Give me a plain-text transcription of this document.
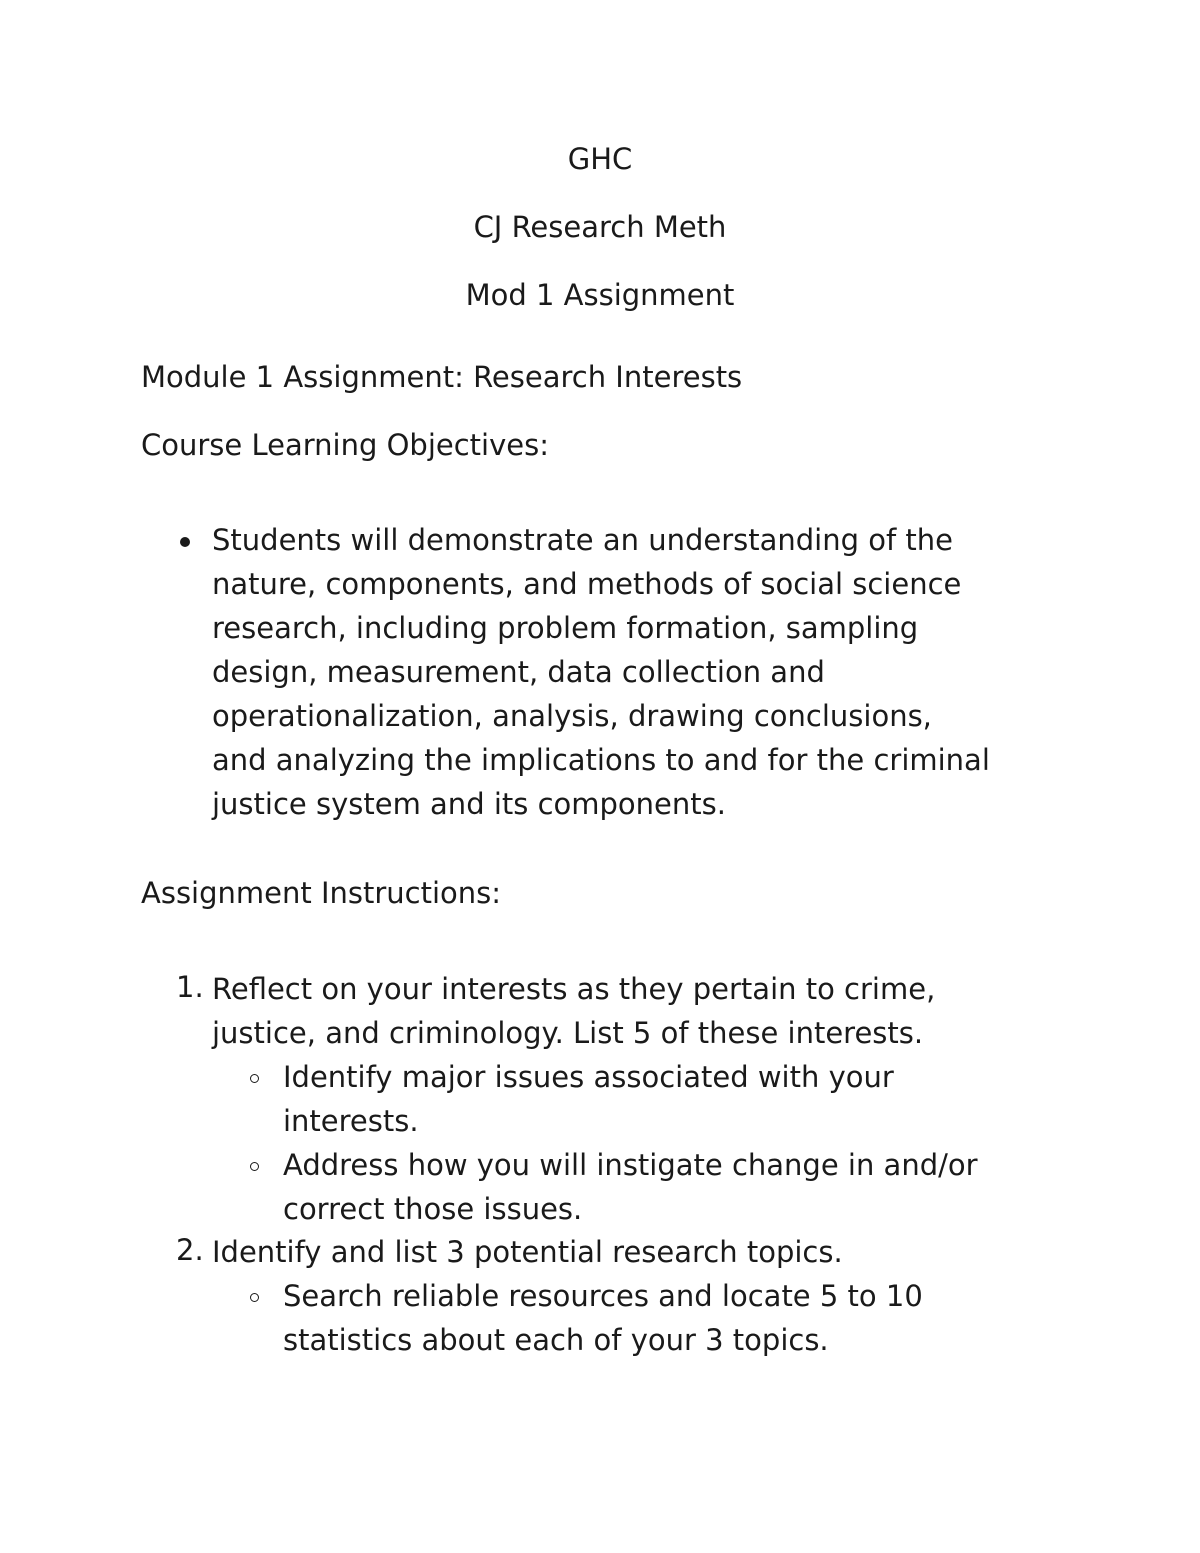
GHC
CJ Research Meth
Mod 1 Assignment
Module 1 Assignment: Research Interests
Course Learning Objectives:
Students will demonstrate an understanding of the
nature, components, and methods of social science
research, including problem formation, sampling
design, measurement, data collection and
operationalization, analysis, drawing conclusions,
and analyzing the implications to and for the criminal
justice system and its components.
Assignment Instructions:
1. Reflect on your interests as they pertain to crime,
justice, and criminology. List 5 of these interests.
Identify major issues associated with your
interests.
Address how you will instigate change in and/or
correct those issues.
2. Identify and list 3 potential research topics.
Search reliable resources and locate 5 to 10
statistics about each of your 3 topics.
